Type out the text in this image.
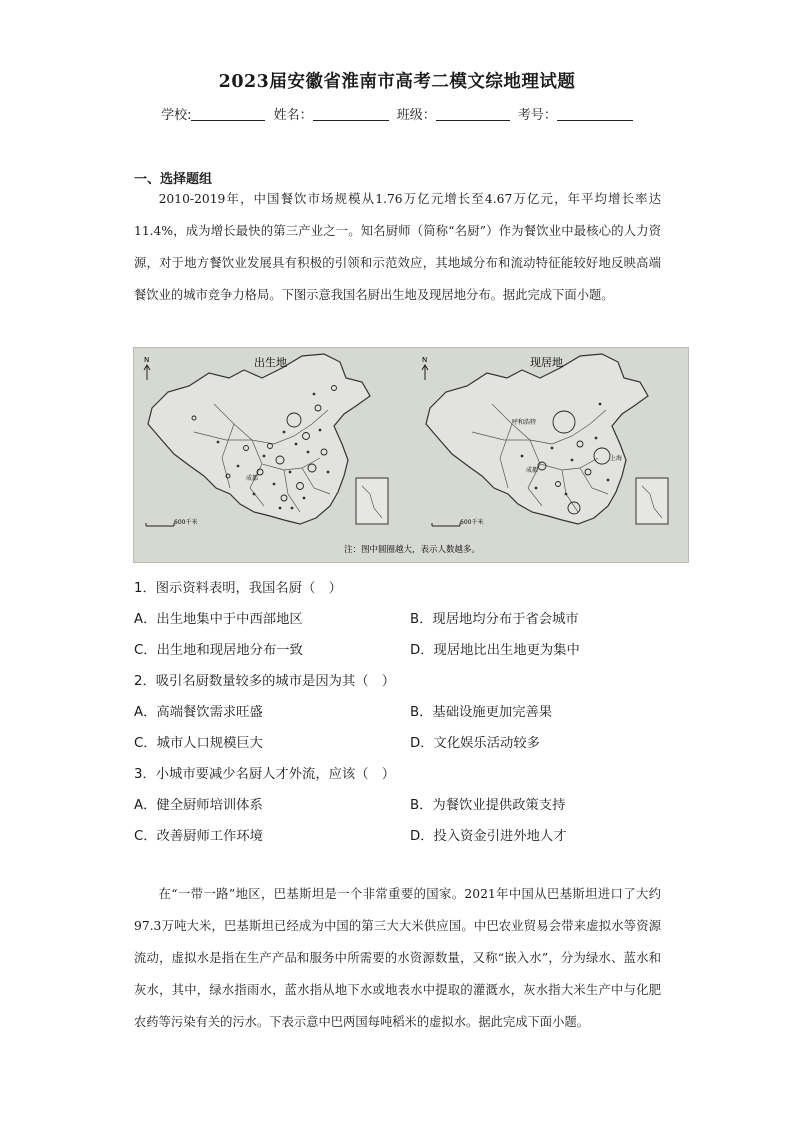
2023届安徽省淮南市高考二模文综地理试题
学校:	姓名：	班级：	考号：
一、选择题组

2010-2019年，中国餐饮市场规模从1.76万亿元增长至4.67万亿元，年平均增长率达11.4%，成为增长最快的第三产业之一。知名厨师（简称“名厨”）作为餐饮业中最核心的人力资源，对于地方餐饮业发展具有积极的引领和示范效应，其地域分布和流动特征能较好地反映高端餐饮业的城市竞争力格局。下图示意我国名厨出生地及现居地分布。据此完成下面小题。

出生地
N
成都
600千米
现居地
N
呼和浩特
上海
成都
600千米
注：图中圆圈越大，表示人数越多。
1．图示资料表明，我国名厨（　）
A．出生地集中于中西部地区	B．现居地均分布于省会城市
C．出生地和现居地分布一致	D．现居地比出生地更为集中
2．吸引名厨数量较多的城市是因为其（　）
A．高端餐饮需求旺盛	B．基础设施更加完善果
C．城市人口规模巨大	D．文化娱乐活动较多
3．小城市要减少名厨人才外流，应该（　）
A．健全厨师培训体系	B．为餐饮业提供政策支持
C．改善厨师工作环境	D．投入资金引进外地人才

在“一带一路”地区，巴基斯坦是一个非常重要的国家。2021年中国从巴基斯坦进口了大约97.3万吨大米，巴基斯坦已经成为中国的第三大大米供应国。中巴农业贸易会带来虚拟水等资源流动，虚拟水是指在生产产品和服务中所需要的水资源数量，又称“嵌入水”，分为绿水、蓝水和灰水，其中，绿水指雨水，蓝水指从地下水或地表水中提取的灌溉水，灰水指大米生产中与化肥农药等污染有关的污水。下表示意中巴两国每吨稻米的虚拟水。据此完成下面小题。
